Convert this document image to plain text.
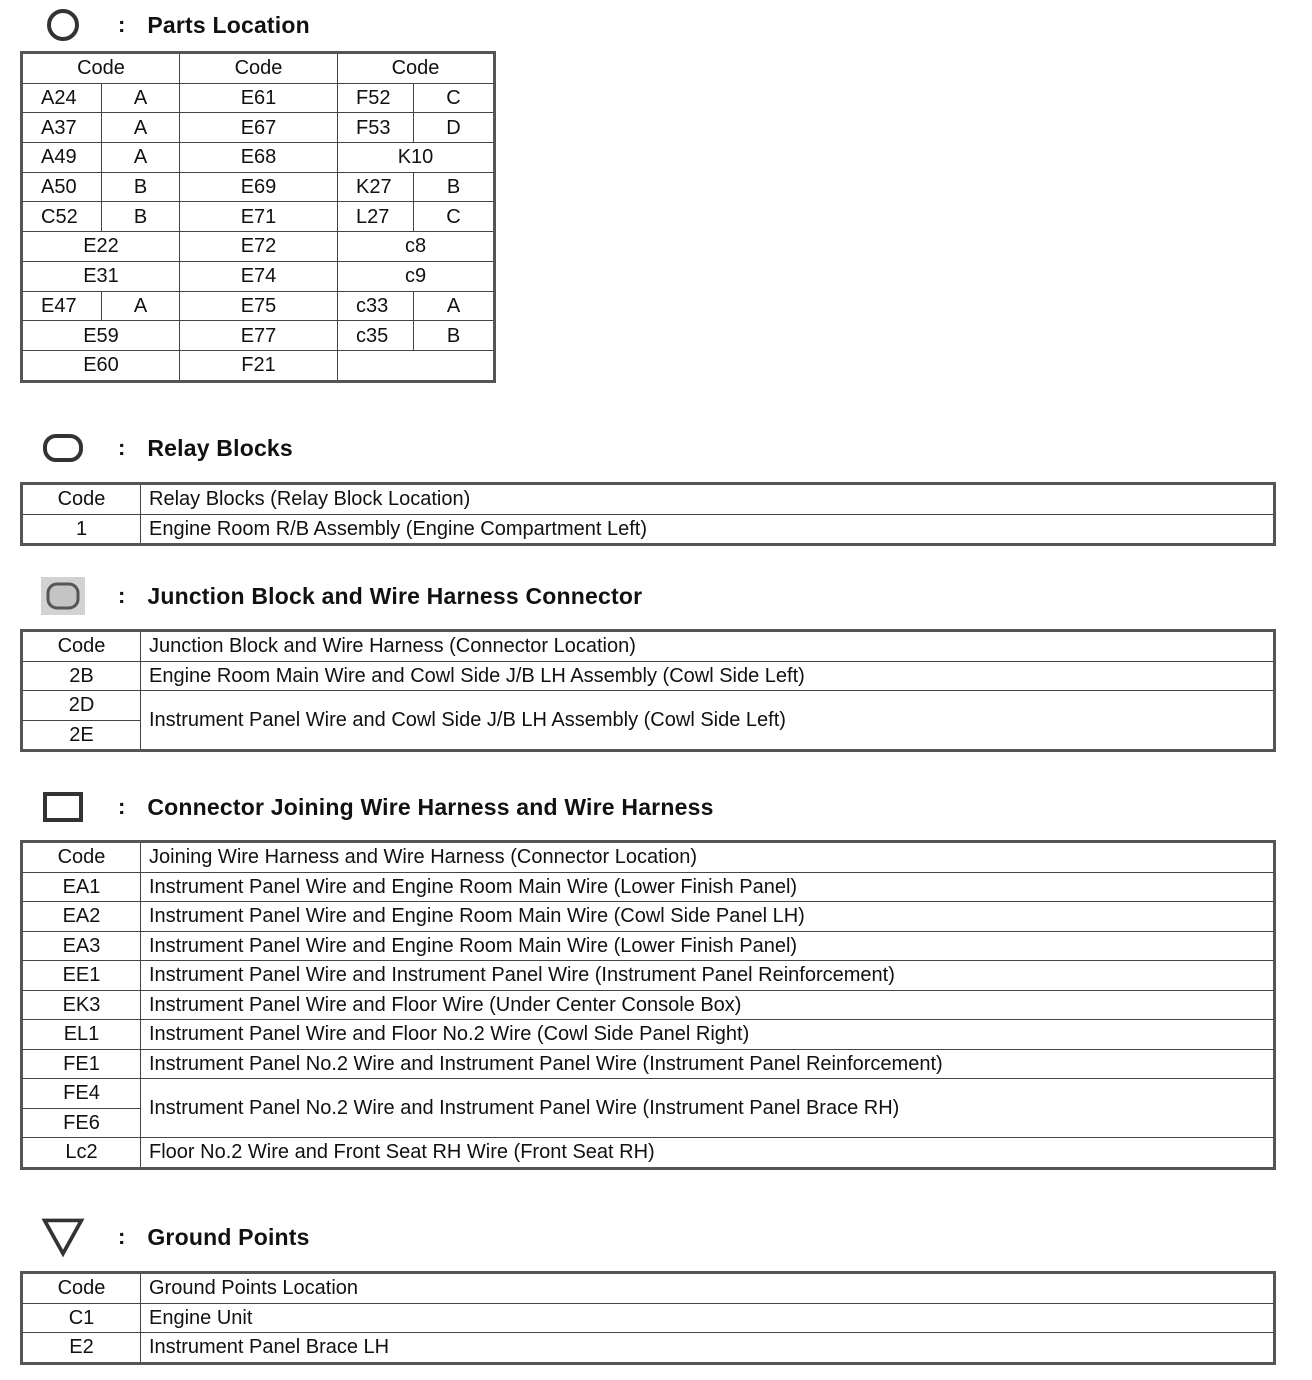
: Parts Location
Code		Code	Code	
A24	A	E61	F52	C
A37	A	E67	F53	D
A49	A	E68	K10	
A50	B	E69	K27	B
C52	B	E71	L27	C
E22		E72	c8	
E31		E74	c9	
E47	A	E75	c33	A
E59		E77	c35	B
E60		F21		
: Relay Blocks
Code	Relay Blocks (Relay Block Location)
1	Engine Room R/B Assembly (Engine Compartment Left)
: Junction Block and Wire Harness Connector
Code	Junction Block and Wire Harness (Connector Location)
2B	Engine Room Main Wire and Cowl Side J/B LH Assembly (Cowl Side Left)
2D	Instrument Panel Wire and Cowl Side J/B LH Assembly (Cowl Side Left)
2E	
: Connector Joining Wire Harness and Wire Harness
Code	Joining Wire Harness and Wire Harness (Connector Location)
EA1	Instrument Panel Wire and Engine Room Main Wire (Lower Finish Panel)
EA2	Instrument Panel Wire and Engine Room Main Wire (Cowl Side Panel LH)
EA3	Instrument Panel Wire and Engine Room Main Wire (Lower Finish Panel)
EE1	Instrument Panel Wire and Instrument Panel Wire (Instrument Panel Reinforcement)
EK3	Instrument Panel Wire and Floor Wire (Under Center Console Box)
EL1	Instrument Panel Wire and Floor No.2 Wire (Cowl Side Panel Right)
FE1	Instrument Panel No.2 Wire and Instrument Panel Wire (Instrument Panel Reinforcement)
FE4	Instrument Panel No.2 Wire and Instrument Panel Wire (Instrument Panel Brace RH)
FE6	
Lc2	Floor No.2 Wire and Front Seat RH Wire (Front Seat RH)
: Ground Points
Code	Ground Points Location
C1	Engine Unit
E2	Instrument Panel Brace LH
